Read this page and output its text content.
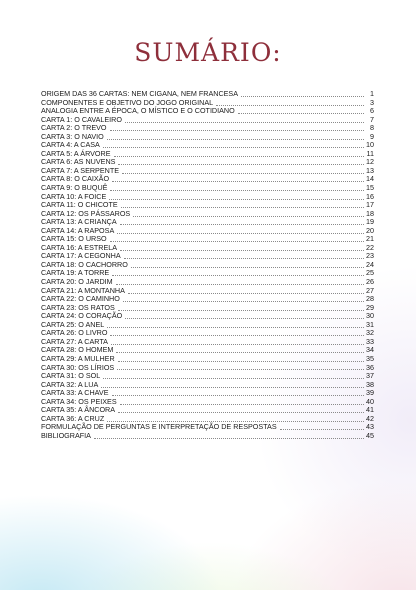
SUMÁRIO:
ORIGEM DAS 36 CARTAS: NEM CIGANA, NEM FRANCESA	1
COMPONENTES E OBJETIVO DO JOGO ORIGINAL	3
ANALOGIA ENTRE A ÉPOCA, O MÍSTICO E O COTIDIANO	6
CARTA 1: O CAVALEIRO	7
CARTA 2: O TREVO	8
CARTA 3: O NAVIO	9
CARTA 4: A CASA	10
CARTA 5: A ÁRVORE	11
CARTA 6: AS NUVENS	12
CARTA 7: A SERPENTE	13
CARTA 8: O CAIXÃO	14
CARTA 9: O BUQUÊ	15
CARTA 10: A FOICE	16
CARTA 11: O CHICOTE	17
CARTA 12: OS PÁSSAROS	18
CARTA 13: A CRIANÇA	19
CARTA 14: A RAPOSA	20
CARTA 15: O URSO	21
CARTA 16: A ESTRELA	22
CARTA 17: A CEGONHA	23
CARTA 18: O CACHORRO	24
CARTA 19: A TORRE	25
CARTA 20: O JARDIM	26
CARTA 21: A MONTANHA	27
CARTA 22: O CAMINHO	28
CARTA 23: OS RATOS	29
CARTA 24: O CORAÇÃO	30
CARTA 25: O ANEL	31
CARTA 26: O LIVRO	32
CARTA 27: A CARTA	33
CARTA 28: O HOMEM	34
CARTA 29: A MULHER	35
CARTA 30: OS LÍRIOS	36
CARTA 31: O SOL	37
CARTA 32: A LUA	38
CARTA 33: A CHAVE	39
CARTA 34: OS PEIXES	40
CARTA 35: A ÂNCORA	41
CARTA 36: A CRUZ	42
FORMULAÇÃO DE PERGUNTAS E INTERPRETAÇÃO DE RESPOSTAS	43
BIBLIOGRAFIA	45
